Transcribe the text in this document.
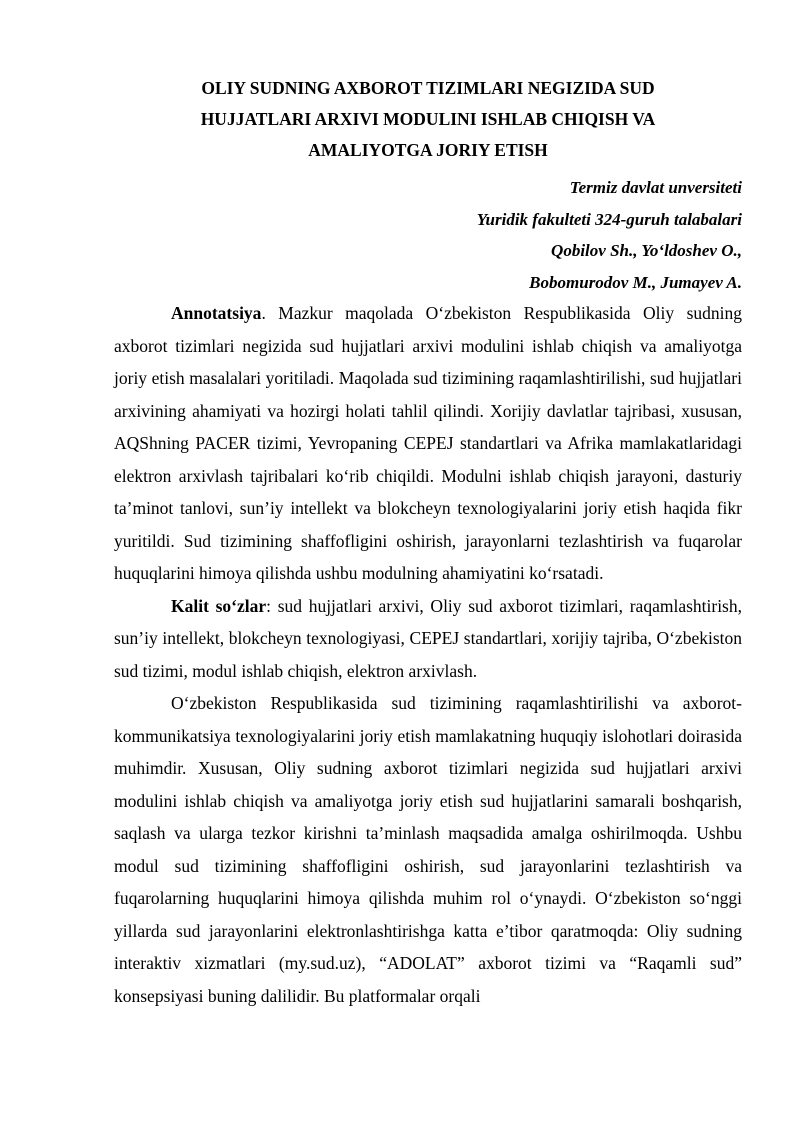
OLIY SUDNING AXBOROT TIZIMLARI NEGIZIDA SUD
HUJJATLARI ARXIVI MODULINI ISHLAB CHIQISH VA
AMALIYOTGA JORIY ETISH
Termiz davlat unversiteti
Yuridik fakulteti 324-guruh talabalari
Qobilov Sh., Yo‘ldoshev O.,
Bobomurodov M., Jumayev A.

Annotatsiya. Mazkur maqolada O‘zbekiston Respublikasida Oliy sudning axborot tizimlari negizida sud hujjatlari arxivi modulini ishlab chiqish va amaliyotga joriy etish masalalari yoritiladi. Maqolada sud tizimining raqamlashtirilishi, sud hujjatlari arxivining ahamiyati va hozirgi holati tahlil qilindi. Xorijiy davlatlar tajribasi, xususan, AQShning PACER tizimi, Yevropaning CEPEJ standartlari va Afrika mamlakatlaridagi elektron arxivlash tajribalari ko‘rib chiqildi. Modulni ishlab chiqish jarayoni, dasturiy ta’minot tanlovi, sun’iy intellekt va blokcheyn texnologiyalarini joriy etish haqida fikr yuritildi. Sud tizimining shaffofligini oshirish, jarayonlarni tezlashtirish va fuqarolar huquqlarini himoya qilishda ushbu modulning ahamiyatini ko‘rsatadi.

Kalit so‘zlar: sud hujjatlari arxivi, Oliy sud axborot tizimlari, raqamlashtirish, sun’iy intellekt, blokcheyn texnologiyasi, CEPEJ standartlari, xorijiy tajriba, O‘zbekiston sud tizimi, modul ishlab chiqish, elektron arxivlash.

O‘zbekiston Respublikasida sud tizimining raqamlashtirilishi va axborot-kommunikatsiya texnologiyalarini joriy etish mamlakatning huquqiy islohotlari doirasida muhimdir. Xususan, Oliy sudning axborot tizimlari negizida sud hujjatlari arxivi modulini ishlab chiqish va amaliyotga joriy etish sud hujjatlarini samarali boshqarish, saqlash va ularga tezkor kirishni ta’minlash maqsadida amalga oshirilmoqda. Ushbu modul sud tizimining shaffofligini oshirish, sud jarayonlarini tezlashtirish va fuqarolarning huquqlarini himoya qilishda muhim rol o‘ynaydi. O‘zbekiston so‘nggi yillarda sud jarayonlarini elektronlashtirishga katta e’tibor qaratmoqda: Oliy sudning interaktiv xizmatlari (my.sud.uz), “ADOLAT” axborot tizimi va “Raqamli sud” konsepsiyasi buning dalilidir. Bu platformalar orqali
